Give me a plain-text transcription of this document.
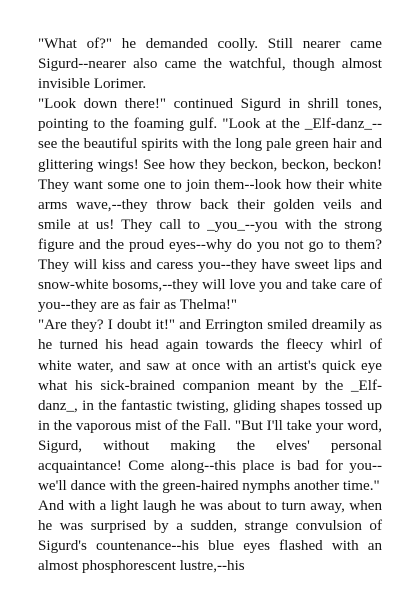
"What of?" he demanded coolly. Still nearer came Sigurd--nearer also came the watchful, though almost invisible Lorimer.

"Look down there!" continued Sigurd in shrill tones, pointing to the foaming gulf. "Look at the _Elf-danz_--see the beautiful spirits with the long pale green hair and glittering wings! See how they beckon, beckon, beckon! They want some one to join them--look how their white arms wave,--they throw back their golden veils and smile at us! They call to _you_--you with the strong figure and the proud eyes--why do you not go to them? They will kiss and caress you--they have sweet lips and snow-white bosoms,--they will love you and take care of you--they are as fair as Thelma!"

"Are they? I doubt it!" and Errington smiled dreamily as he turned his head again towards the fleecy whirl of white water, and saw at once with an artist's quick eye what his sick-brained companion meant by the _Elf-danz_, in the fantastic twisting, gliding shapes tossed up in the vaporous mist of the Fall. "But I'll take your word, Sigurd, without making the elves' personal acquaintance! Come along--this place is bad for you--we'll dance with the green-haired nymphs another time."

And with a light laugh he was about to turn away, when he was surprised by a sudden, strange convulsion of Sigurd's countenance--his blue eyes flashed with an almost phosphorescent lustre,--his
